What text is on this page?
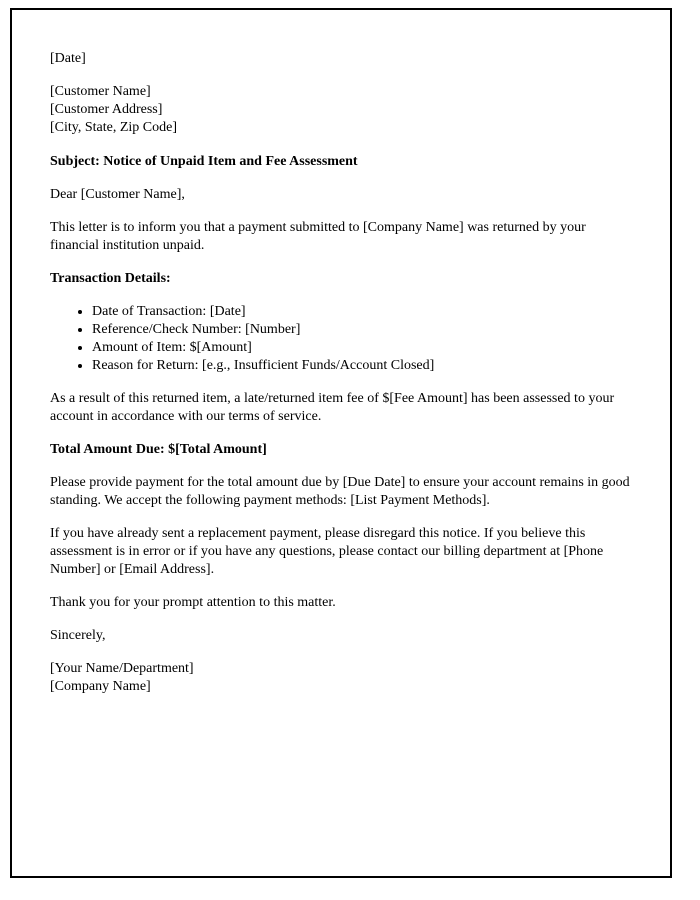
[Date]

[Customer Name]

[Customer Address]

[City, State, Zip Code]

Subject: Notice of Unpaid Item and Fee Assessment

Dear [Customer Name],

This letter is to inform you that a payment submitted to [Company Name] was returned by your financial institution unpaid.

Transaction Details:

• Date of Transaction: [Date]
• Reference/Check Number: [Number]
• Amount of Item: $[Amount]
• Reason for Return: [e.g., Insufficient Funds/Account Closed]

As a result of this returned item, a late/returned item fee of $[Fee Amount] has been assessed to your account in accordance with our terms of service.

Total Amount Due: $[Total Amount]

Please provide payment for the total amount due by [Due Date] to ensure your account remains in good standing. We accept the following payment methods: [List Payment Methods].

If you have already sent a replacement payment, please disregard this notice. If you believe this assessment is in error or if you have any questions, please contact our billing department at [Phone Number] or [Email Address].

Thank you for your prompt attention to this matter.

Sincerely,

[Your Name/Department]

[Company Name]
